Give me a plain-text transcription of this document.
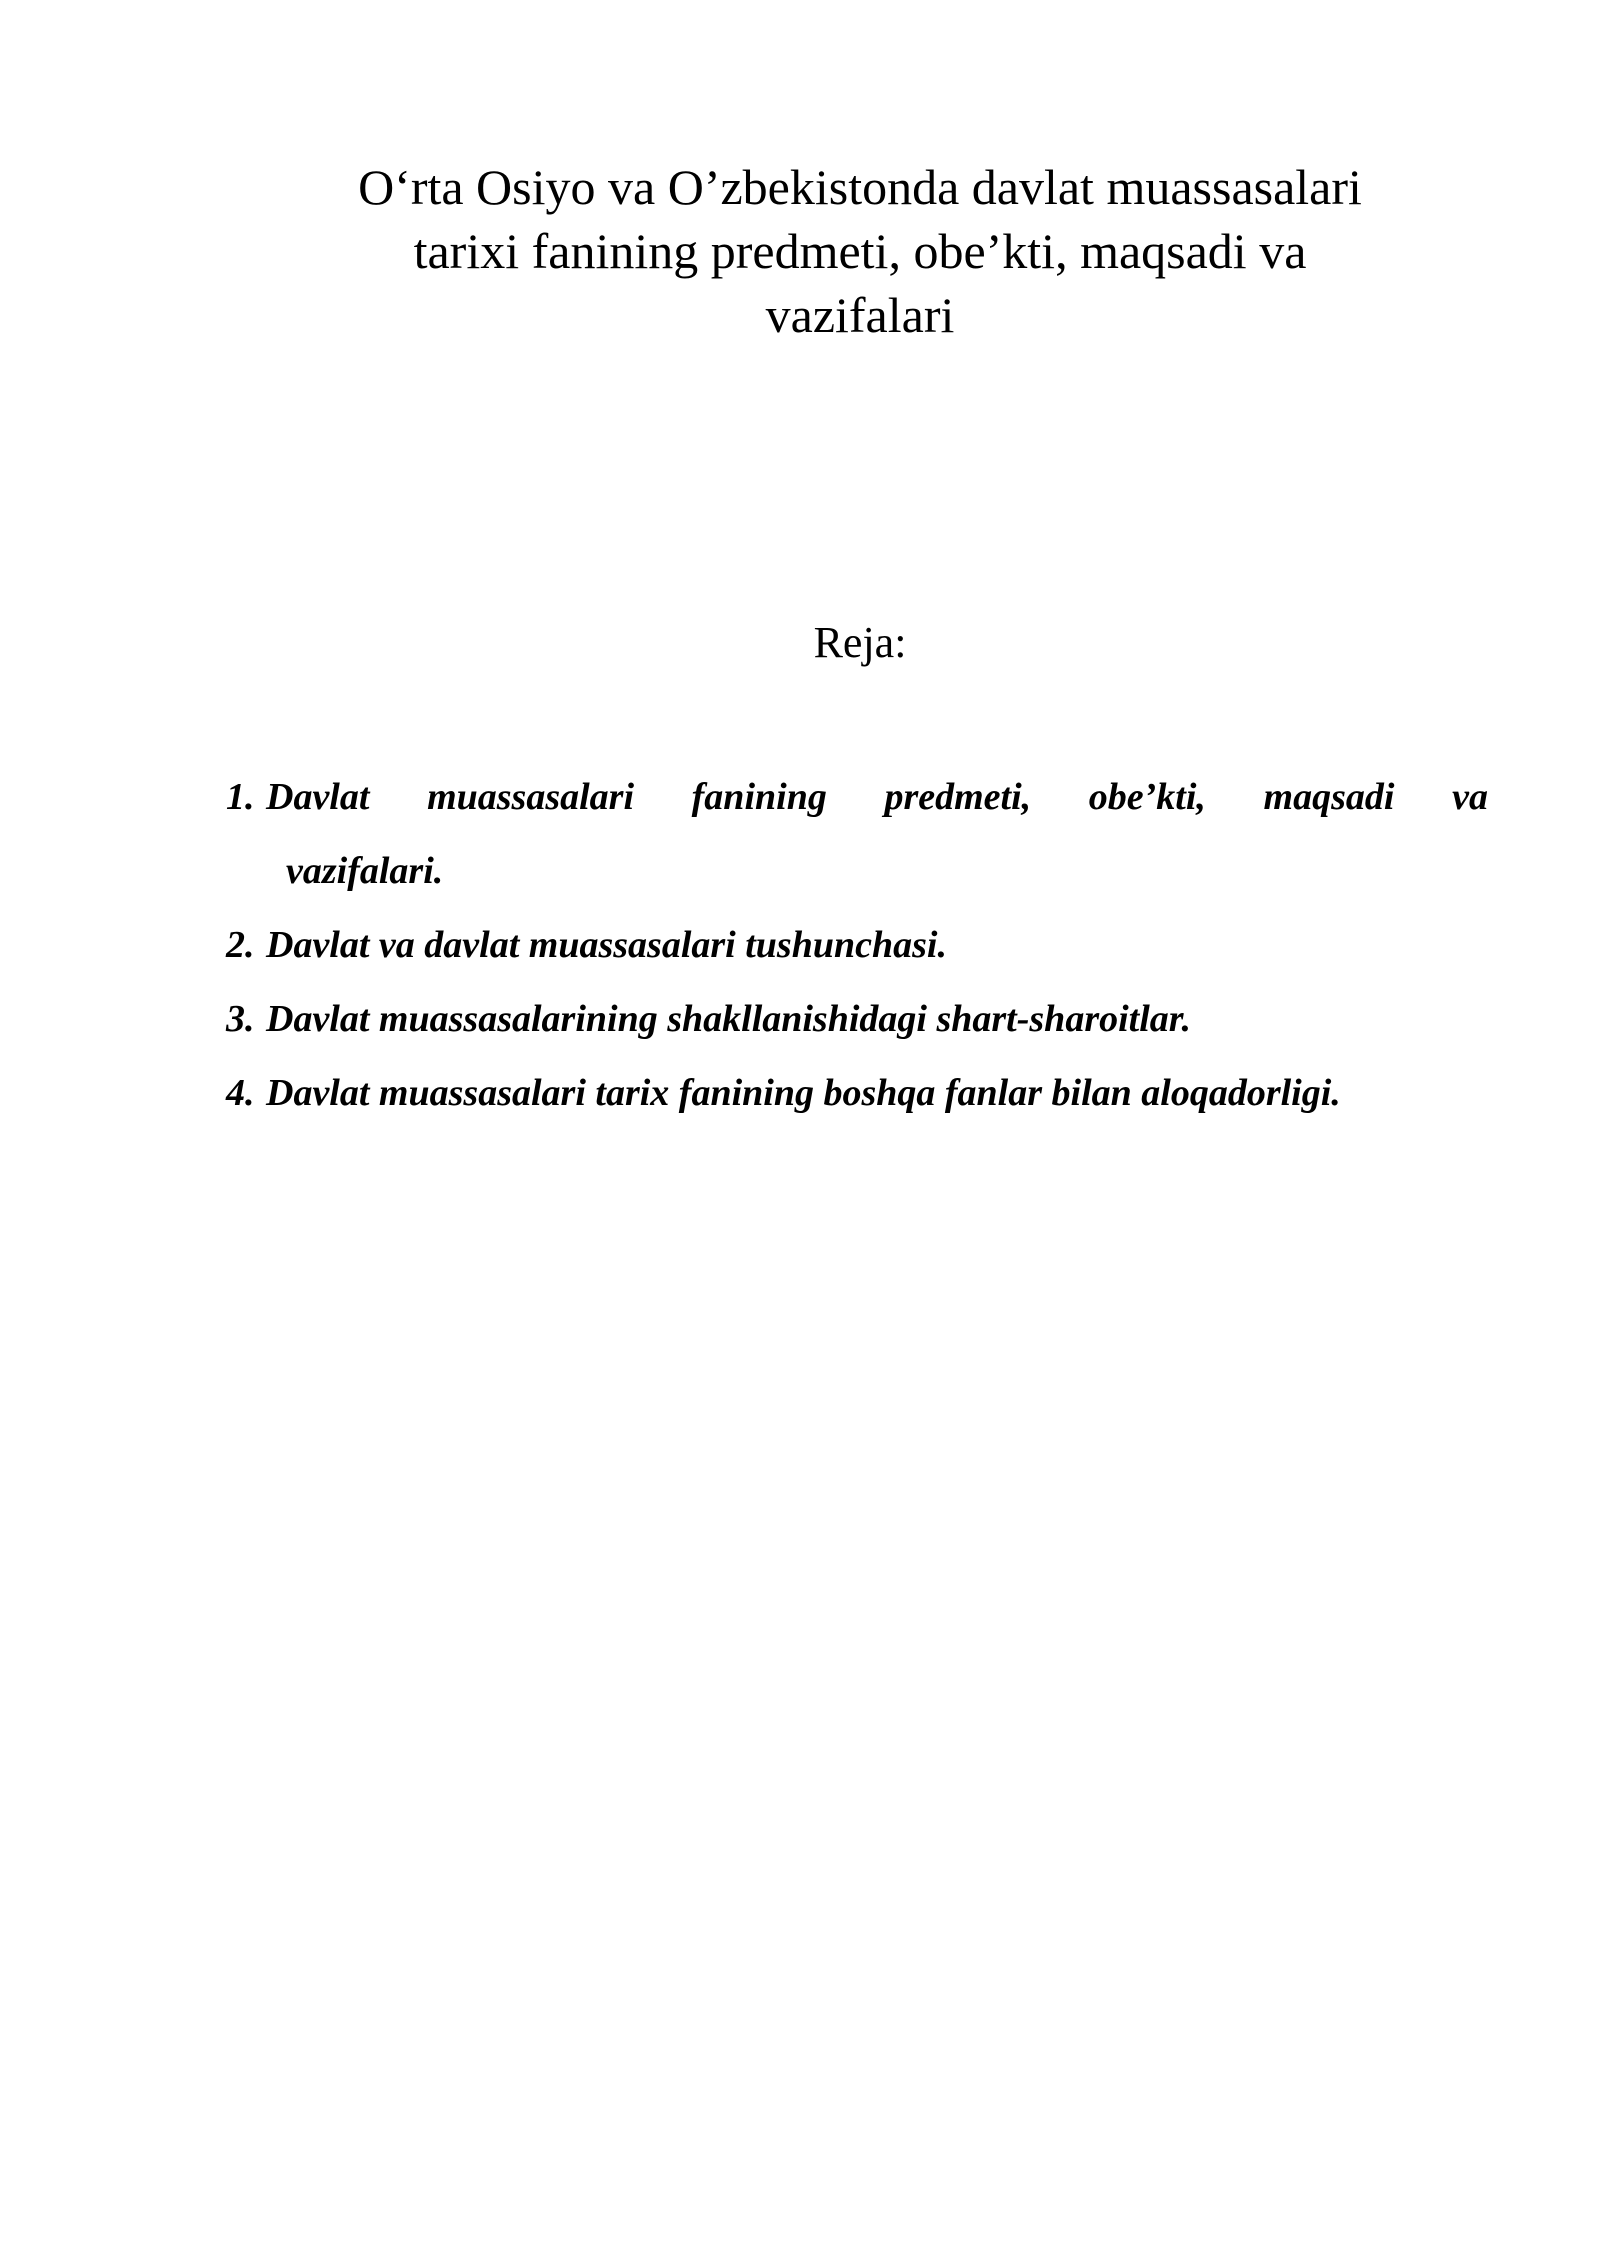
O‘rta Osiyo va O’zbekistonda davlat muassasalari
tarixi fanining predmeti, obe’kti, maqsadi va
vazifalari

Reja:

1. Davlat muassasalari fanining predmeti, obe’kti, maqsadi va
vazifalari.
2. Davlat va davlat muassasalari tushunchasi.
3. Davlat muassasalarining shakllanishidagi shart-sharoitlar.
4. Davlat muassasalari tarix fanining boshqa fanlar bilan aloqadorligi.
